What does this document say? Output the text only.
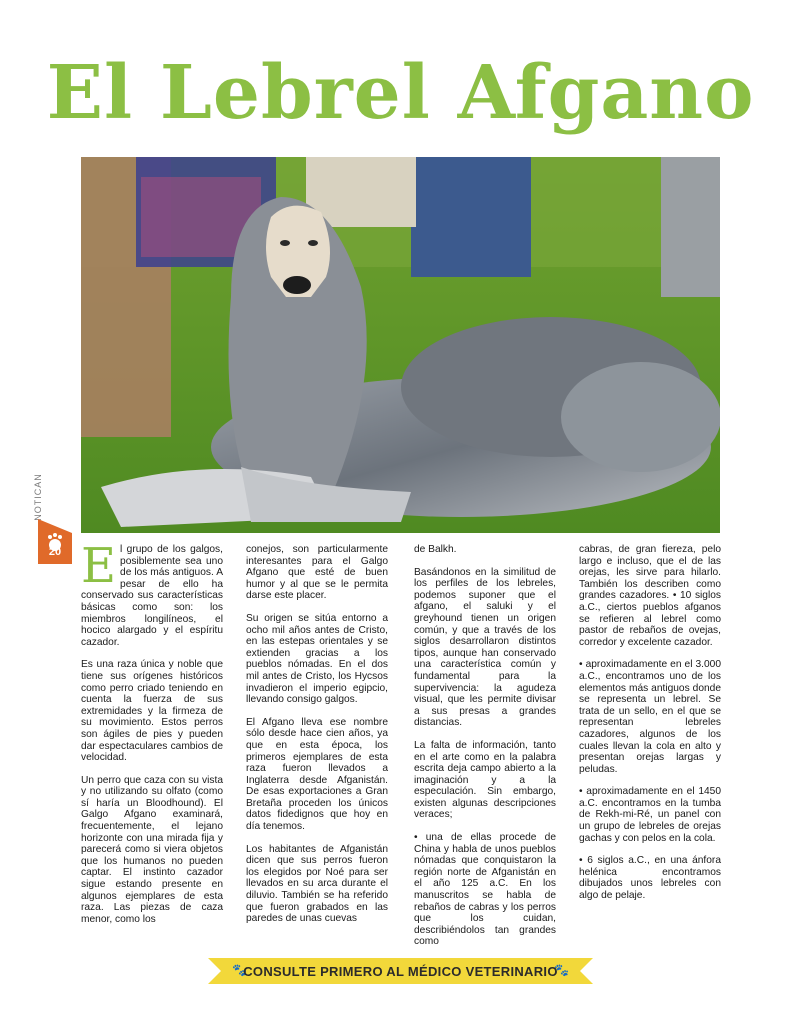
El Lebrel Afgano
NOTICAN
20 El grupo de los galgos, posiblemente sea uno de los más antiguos. A pesar de ello ha conservado sus características básicas como son: los miembros longilíneos, el hocico alargado y el espíritu cazador.

Es una raza única y noble que tiene sus orígenes históricos como perro criado teniendo en cuenta la fuerza de sus extremidades y la firmeza de su movimiento. Estos perros son ágiles de pies y pueden dar espectaculares cambios de velocidad.

Un perro que caza con su vista y no utilizando su olfato (como sí haría un Bloodhound). El Galgo Afgano examinará, frecuentemente, el lejano horizonte con una mirada fija y parecerá como si viera objetos que los humanos no pueden captar. El instinto cazador sigue estando presente en algunos ejemplares de esta raza. Las piezas de caza menor, como los

conejos, son particularmente interesantes para el Galgo Afgano que esté de buen humor y al que se le permita darse este placer.

Su origen se sitúa entorno a ocho mil años antes de Cristo, en las estepas orientales y se extienden gracias a los pueblos nómadas. En el dos mil antes de Cristo, los Hycsos invadieron el imperio egipcio, llevando consigo galgos.

El Afgano lleva ese nombre sólo desde hace cien años, ya que en esta época, los primeros ejemplares de esta raza fueron llevados a Inglaterra desde Afganistán. De esas exportaciones a Gran Bretaña proceden los únicos datos fidedignos que hoy en día tenemos.

Los habitantes de Afganistán dicen que sus perros fueron los elegidos por Noé para ser llevados en su arca durante el diluvio. También se ha referido que fueron grabados en las paredes de unas cuevas

de Balkh.

Basándonos en la similitud de los perfiles de los lebreles, podemos suponer que el afgano, el saluki y el greyhound tienen un origen común, y que a través de los siglos desarrollaron distintos tipos, aunque han conservado una característica común y fundamental para la supervivencia: la agudeza visual, que les permite divisar a sus presas a grandes distancias.

La falta de información, tanto en el arte como en la palabra escrita deja campo abierto a la imaginación y a la especulación. Sin embargo, existen algunas descripciones veraces;

• una de ellas procede de China y habla de unos pueblos nómadas que conquistaron la región norte de Afganistán en el año 125 a.C. En los manuscritos se habla de rebaños de cabras y los perros que los cuidan, describiéndolos tan grandes como

cabras, de gran fiereza, pelo largo e incluso, que el de las orejas, les sirve para hilarlo. También los describen como grandes cazadores. • 10 siglos a.C., ciertos pueblos afganos se refieren al lebrel como pastor de rebaños de ovejas, corredor y excelente cazador.

• aproximadamente en el 3.000 a.C., encontramos uno de los elementos más antiguos donde se representa un lebrel. Se trata de un sello, en el que se representan lebreles cazadores, algunos de los cuales llevan la cola en alto y presentan orejas largas y peludas.

• aproximadamente en el 1450 a.C. encontramos en la tumba de Rekh-mi-Ré, un panel con un grupo de lebreles de orejas gachas y con pelos en la cola.

• 6 siglos a.C., en una ánfora helénica encontramos dibujados unos lebreles con algo de pelaje.

🐾
CONSULTE PRIMERO AL MÉDICO VETERINARIO
🐾
